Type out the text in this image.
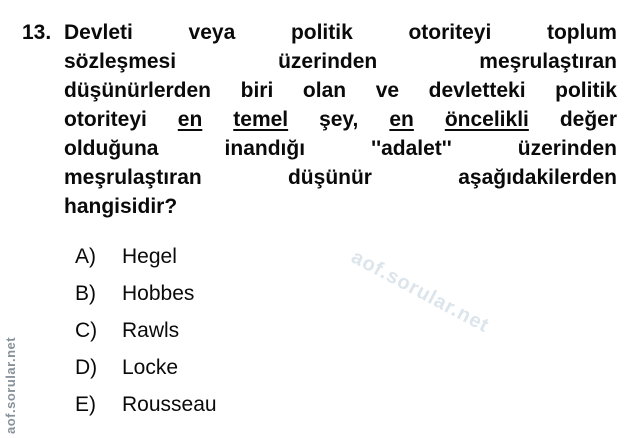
aof.sorular.net
aof.sorular.net
13. Devleti	veya	politik	otoriteyi	toplum
sözleşmesi	üzerinden	meşrulaştıran
düşünürlerden biri olan ve devletteki politik
otoriteyi en temel şey, en öncelikli değer
olduğuna	inandığı	''adalet''	üzerinden
meşrulaştıran	düşünür	aşağıdakilerden
hangisidir?
A)	Hegel
B)	Hobbes
C)	Rawls
D)	Locke
E)	Rousseau
